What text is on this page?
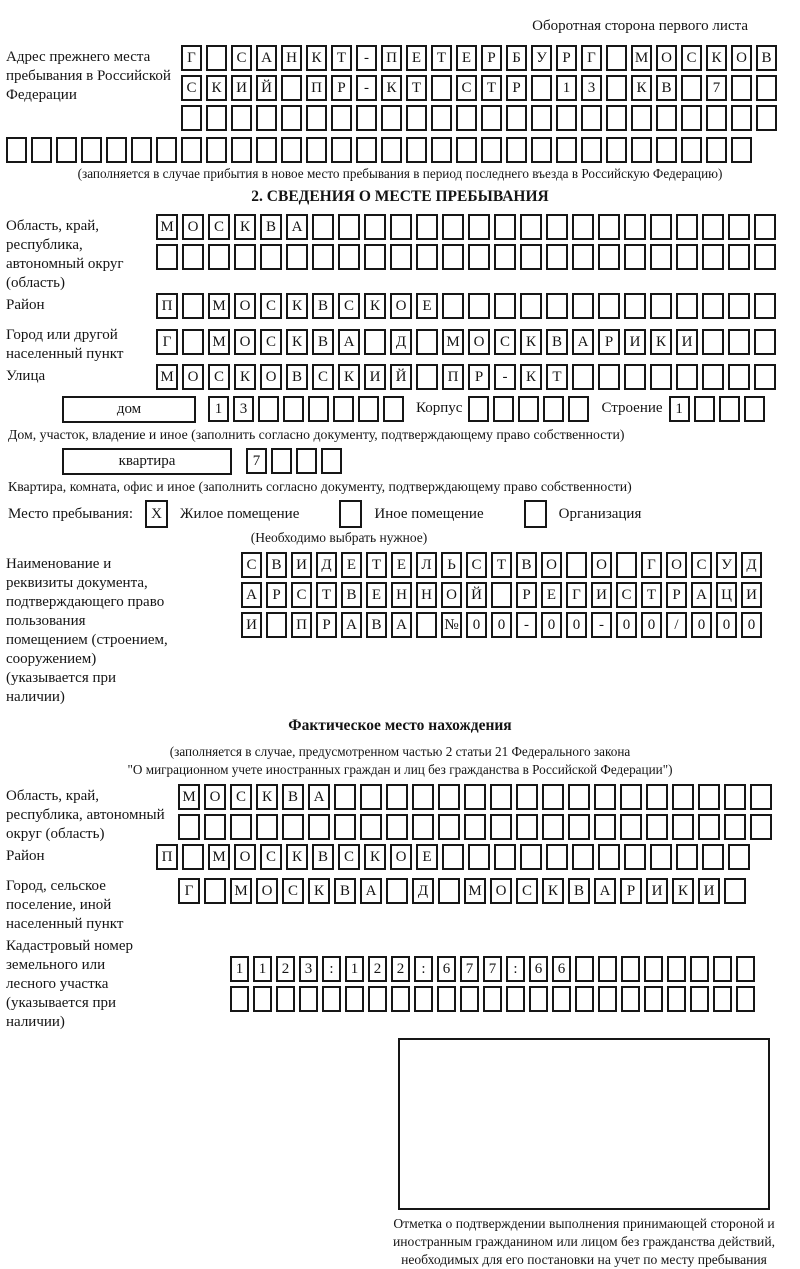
Оборотная сторона первого листа
Адрес прежнего места пребывания в Российской Федерации
Г	С А Н К	Т	-	П Е	Т	Е	Р	Б	У	Р	Г	М О С К О В
С К И Й	П	Р	-	К	Т	С	Т	Р	1	3	К В	7
(заполняется в случае прибытия в новое место пребывания в период последнего въезда в Российскую Федерацию)
2. СВЕДЕНИЯ О МЕСТЕ ПРЕБЫВАНИЯ
Область, край, республика, автономный округ (область)
М О	С	К	В	А
Район	П	М О	С	К	В	С	К	О	Е
Город или другой населенный пункт
Г	М О	С	К	В	А	Д	М О	С	К	В	А	Р	И	К	И
Улица	М О	С	К	О	В	С	К	И	Й	П	Р	-	К	Т
дом	1	3	Корпус	Строение 1
Дом, участок, владение и иное (заполнить согласно документу, подтверждающему право собственности)
квартира	7
Квартира, комната, офис и иное (заполнить согласно документу, подтверждающему право собственности)
Место пребывания:	X	Жилое помещение	Иное помещение	Организация
(Необходимо выбрать нужное)
Наименование и реквизиты документа, подтверждающего право пользования помещением (строением, сооружением) (указывается при наличии)
С В И Д	Е	Т	Е	Л	Ь	С	Т	В О	О	Г	О С У Д
А	Р	С	Т	В	Е	Н Н О Й	Р	Е	Г	И С	Т	Р	А Ц И
И	П	Р	А В А	№ 0	0	-	0	0	-	0	0	/	0	0	0
Фактическое место нахождения
(заполняется в случае, предусмотренном частью 2 статьи 21 Федерального закона
"О миграционном учете иностранных граждан и лиц без гражданства в Российской Федерации")
Область, край, республика, автономный округ (область)
М О	С	К	В	А
Район	П	М О	С	К	В	С	К	О	Е
Город, сельское поселение, иной населенный пункт
Г	М О	С	К	В	А	Д	М О	С	К	В	А	Р	И	К	И
Кадастровый номер земельного или лесного участка (указывается при наличии)
1	1	2	3	:	1	2	2	:	6	7	7	:	6	6
Отметка о подтверждении выполнения принимающей стороной и иностранным гражданином или лицом без гражданства действий, необходимых для его постановки на учет по месту пребывания
